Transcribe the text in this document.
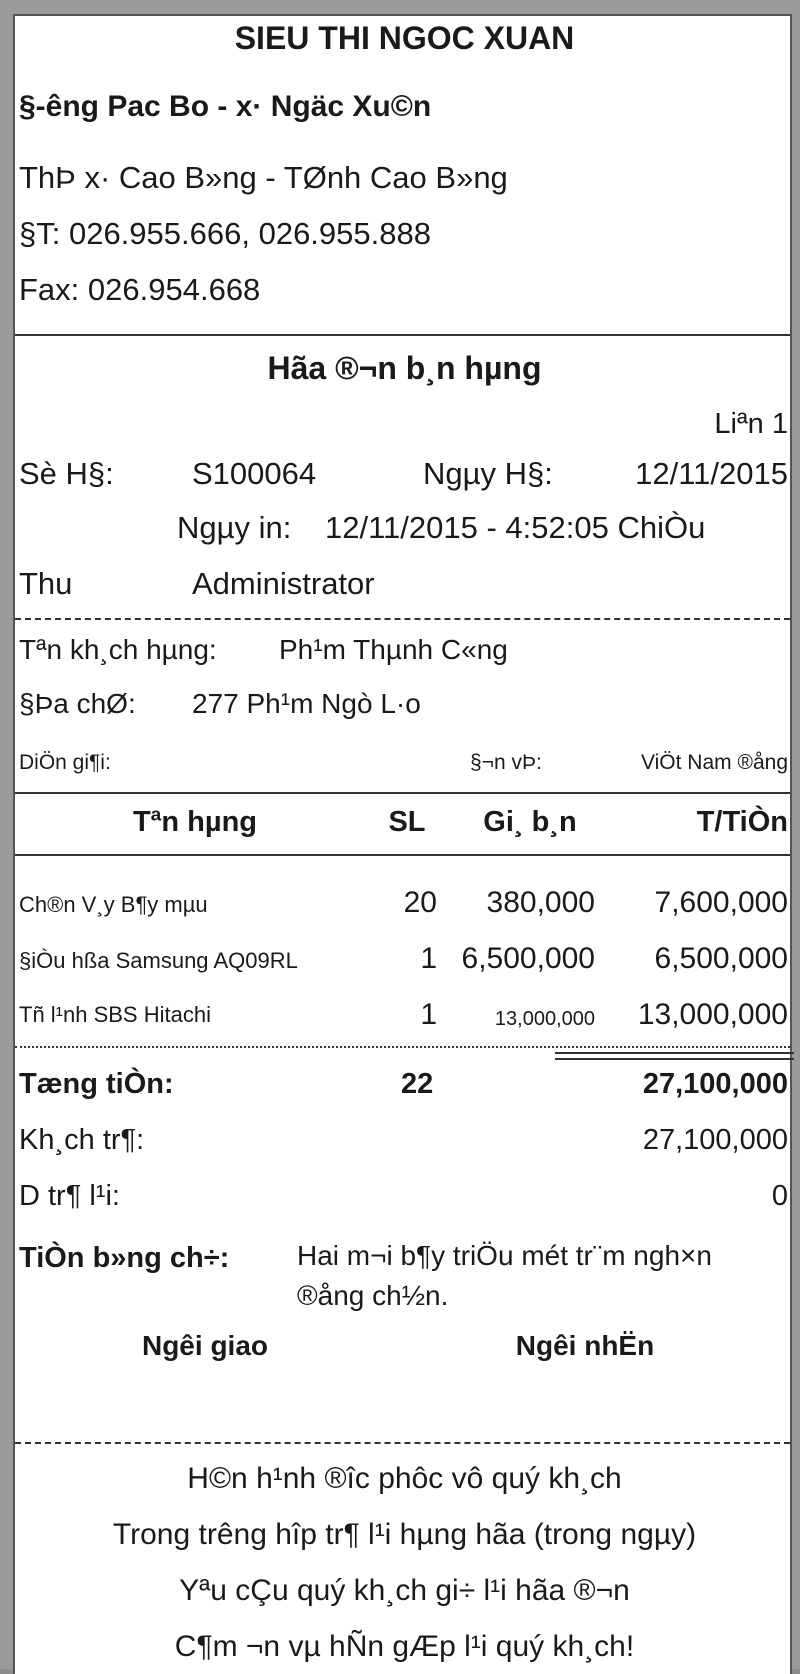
SIEU THI NGOC XUAN
§-êng Pac Bo - x· Ngäc Xu©n
ThÞ x· Cao B»ng - TØnh Cao B»ng
§T: 026.955.666, 026.955.888
Fax: 026.954.668
Hãa ®¬n b¸n hµng
Liªn 1
Sè H§:	S100064	Ngµy H§:	12/11/2015
Ngµy in: 12/11/2015 - 4:52:05 ChiÒu
Thu	Administrator
Tªn kh¸ch hµng: Ph¹m Thµnh C«ng
§Þa chØ: 277 Ph¹m Ngò L·o
DiÖn gi¶i:	§¬n vÞ:	ViÖt Nam ®ång
Tªn hµng	SL	Gi¸ b¸n	T/TiÒn
Ch®n V¸y B¶y mµu	20 380,000 7,600,000
§iÒu hßa Samsung AQ09RL	1 6,500,000 6,500,000
Tñ l¹nh SBS Hitachi	1	13,000,000 13,000,000
Tæng tiÒn:	22	27,100,000
Kh¸ch tr¶:	27,100,000
D tr¶ l¹i:	0
TiÒn b»ng ch÷: Hai m¬i b¶y triÖu mét tr¨m ngh×n
®ång ch½n.
Ngêi giao	Ngêi nhËn
H©n h¹nh ®îc phôc vô quý kh¸ch
Trong trêng hîp tr¶ l¹i hµng hãa (trong ngµy)
Yªu cÇu quý kh¸ch gi÷ l¹i hãa ®¬n
C¶m ¬n vµ hÑn gÆp l¹i quý kh¸ch!
